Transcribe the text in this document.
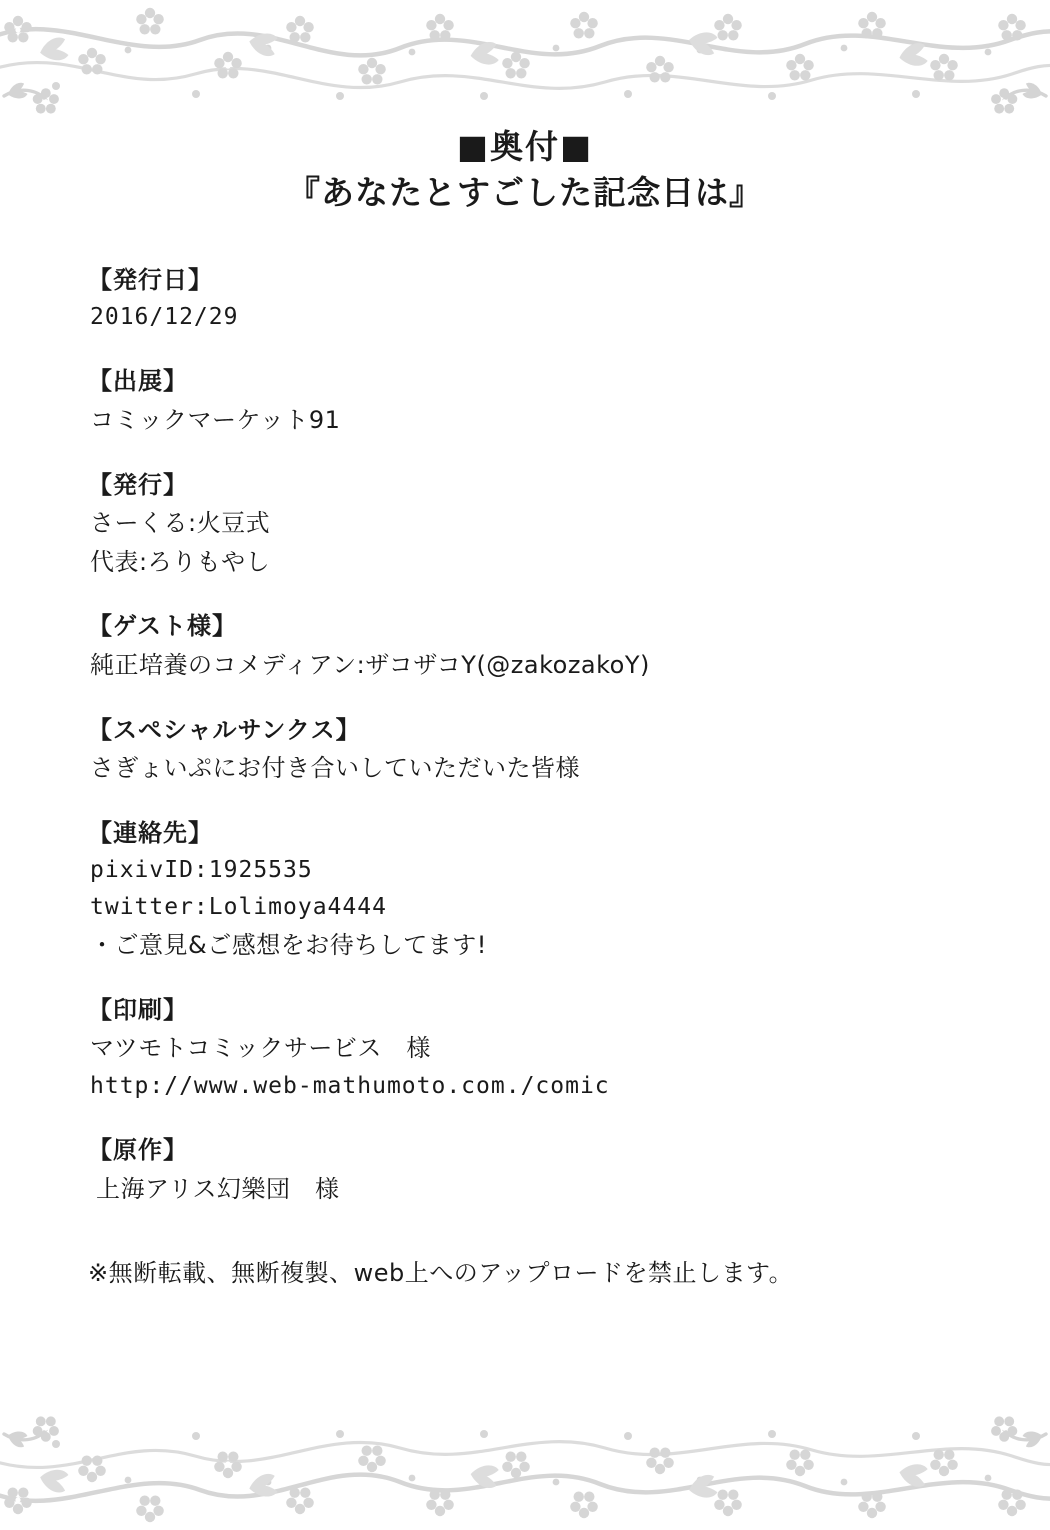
■奥付■
『あなたとすごした記念日は』
【発行日】
2016/12/29
【出展】
コミックマーケット91
【発行】
さーくる:火豆式
代表:ろりもやし
【ゲスト様】
純正培養のコメディアン:ザコザコY(@zakozakoY)
【スペシャルサンクス】
さぎょいぷにお付き合いしていただいた皆様
【連絡先】
pixivID:1925535
twitter:Lolimoya4444
・ご意見&ご感想をお待ちしてます!
【印刷】
マツモトコミックサービス　様
http://www.web-mathumoto.com./comic
【原作】
上海アリス幻樂団　様
※無断転載、無断複製、web上へのアップロードを禁止します。
